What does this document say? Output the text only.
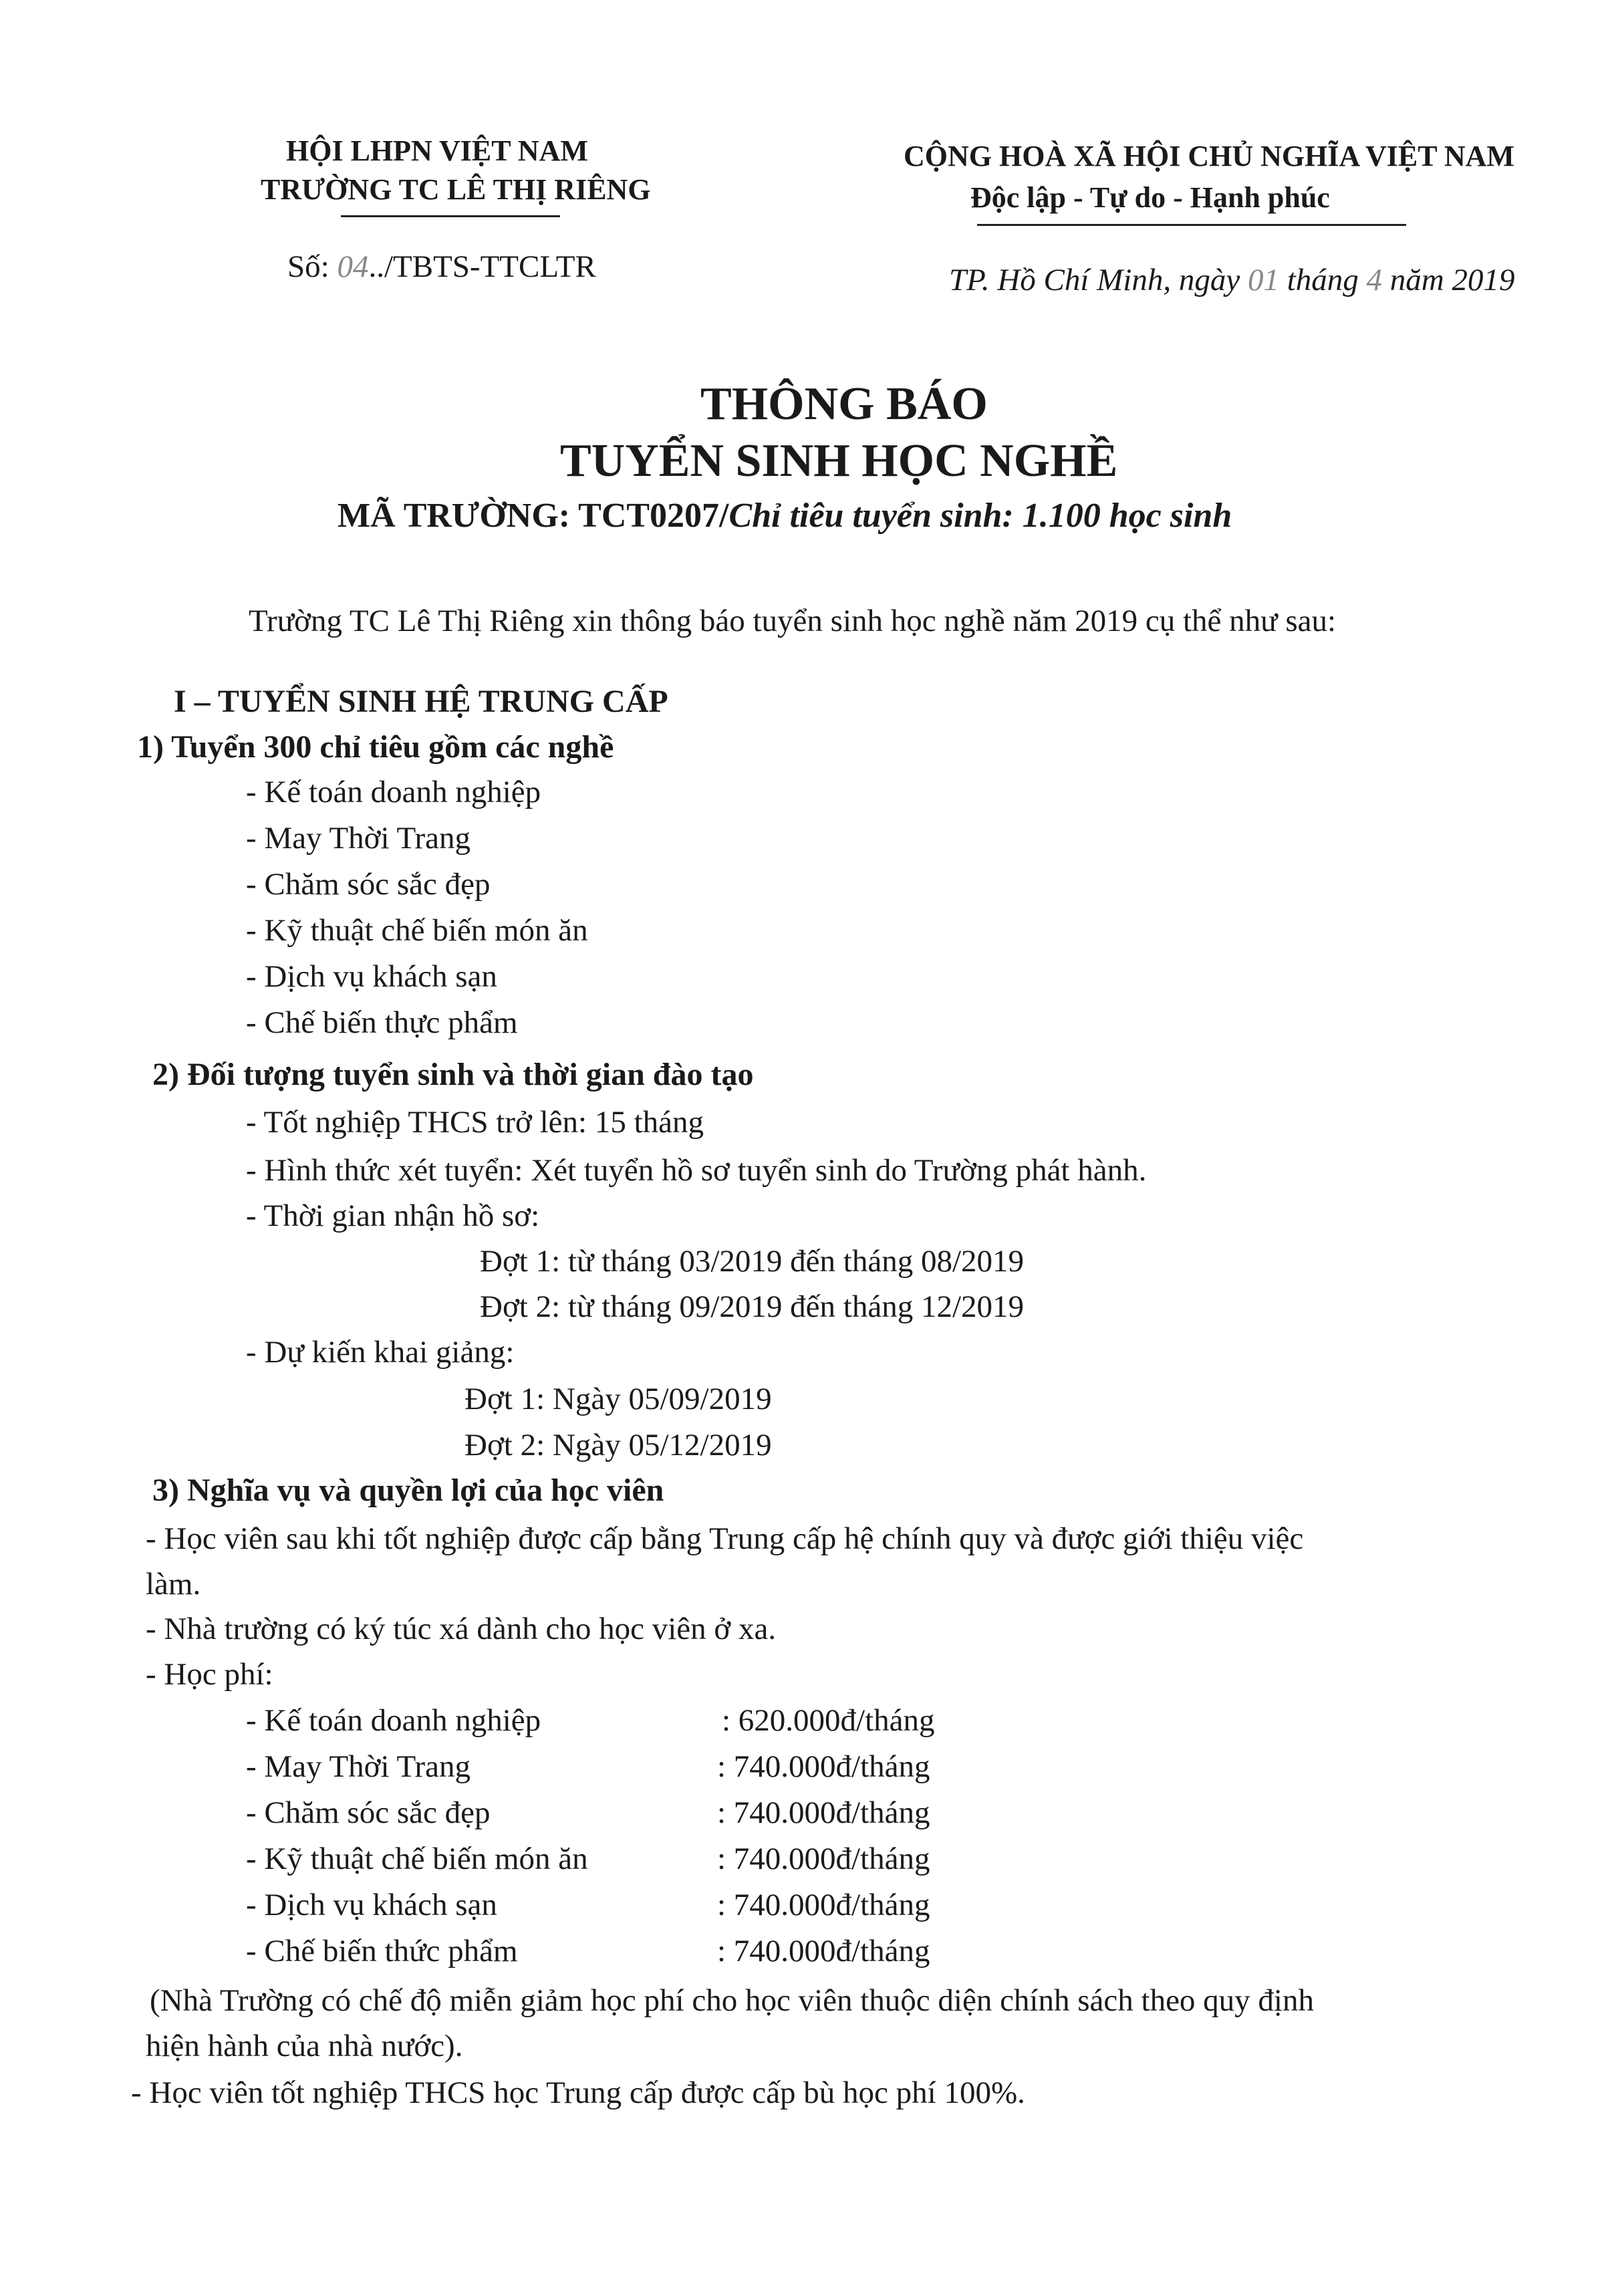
HỘI LHPN VIỆT NAM
TRƯỜNG TC LÊ THỊ RIÊNG
CỘNG HOÀ XÃ HỘI CHỦ NGHĨA VIỆT NAM
Độc lập - Tự do - Hạnh phúc
Số: 04../TBTS-TTCLTR	TP. Hồ Chí Minh, ngày 01 tháng 4 năm 2019
THÔNG BÁO
TUYỂN SINH HỌC NGHỀ
MÃ TRƯỜNG: TCT0207/Chỉ tiêu tuyển sinh: 1.100 học sinh
Trường TC Lê Thị Riêng xin thông báo tuyển sinh học nghề năm 2019 cụ thể như sau:
I – TUYỂN SINH HỆ TRUNG CẤP
1) Tuyển 300 chỉ tiêu gồm các nghề
- Kế toán doanh nghiệp
- May Thời Trang
- Chăm sóc sắc đẹp
- Kỹ thuật chế biến món ăn
- Dịch vụ khách sạn
- Chế biến thực phẩm
2) Đối tượng tuyển sinh và thời gian đào tạo
- Tốt nghiệp THCS trở lên: 15 tháng
- Hình thức xét tuyển: Xét tuyển hồ sơ tuyển sinh do Trường phát hành.
- Thời gian nhận hồ sơ:
Đợt 1: từ tháng 03/2019 đến tháng 08/2019
Đợt 2: từ tháng 09/2019 đến tháng 12/2019
- Dự kiến khai giảng:
Đợt 1: Ngày 05/09/2019
Đợt 2: Ngày 05/12/2019
3) Nghĩa vụ và quyền lợi của học viên
- Học viên sau khi tốt nghiệp được cấp bằng Trung cấp hệ chính quy và được giới thiệu việc
làm.
- Nhà trường có ký túc xá dành cho học viên ở xa.
- Học phí:
- Kế toán doanh nghiệp	: 620.000đ/tháng
- May Thời Trang	: 740.000đ/tháng
- Chăm sóc sắc đẹp	: 740.000đ/tháng
- Kỹ thuật chế biến món ăn	: 740.000đ/tháng
- Dịch vụ khách sạn	: 740.000đ/tháng
- Chế biến thức phẩm	: 740.000đ/tháng
(Nhà Trường có chế độ miễn giảm học phí cho học viên thuộc diện chính sách theo quy định
hiện hành của nhà nước).
- Học viên tốt nghiệp THCS học Trung cấp được cấp bù học phí 100%.
